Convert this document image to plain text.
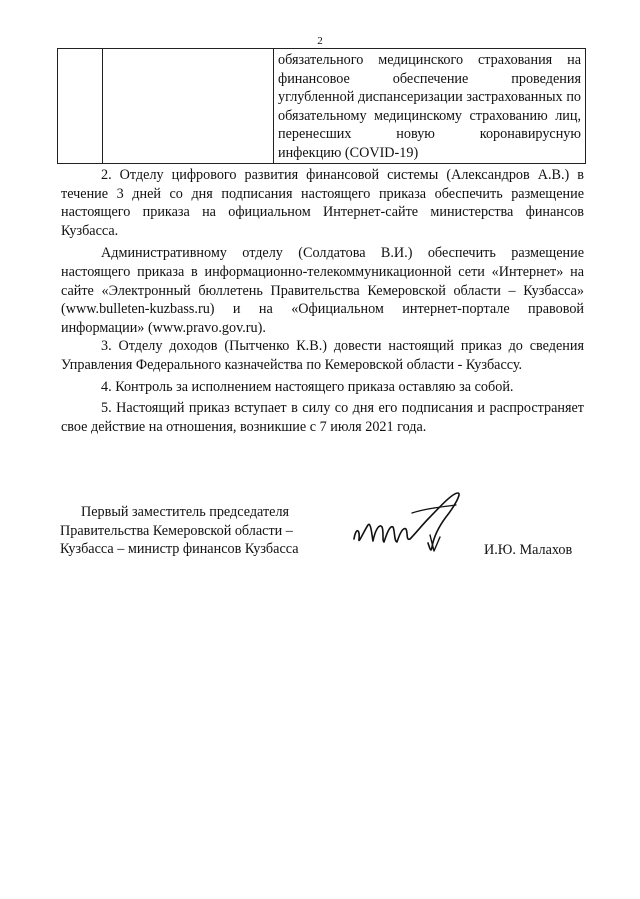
2
		обязательного медицинского страхования на финансовое обеспечение проведения углубленной диспансеризации застрахованных по обязательному медицинскому страхованию лиц, перенесших новую коронавирусную
инфекцию (COVID-19)

2. Отделу цифрового развития финансовой системы (Александров А.В.) в течение 3 дней со дня подписания настоящего приказа обеспечить размещение настоящего приказа на официальном Интернет-сайте министерства финансов Кузбасса.

Административному отделу (Солдатова В.И.) обеспечить размещение настоящего приказа в информационно-телекоммуникационной сети «Интернет» на сайте «Электронный бюллетень Правительства Кемеровской области – Кузбасса» (www.bulleten-kuzbass.ru) и на «Официальном интернет-портале правовой информации» (www.pravo.gov.ru).

3. Отделу доходов (Пытченко К.В.) довести настоящий приказ до сведения Управления Федерального казначейства по Кемеровской области - Кузбассу.

4. Контроль за исполнением настоящего приказа оставляю за собой.

5. Настоящий приказ вступает в силу со дня его подписания и распространяет свое действие на отношения, возникшие с 7 июля 2021 года.

Первый заместитель председателя
Правительства Кемеровской области –
Кузбасса – министр финансов Кузбасса	И.Ю. Малахов
